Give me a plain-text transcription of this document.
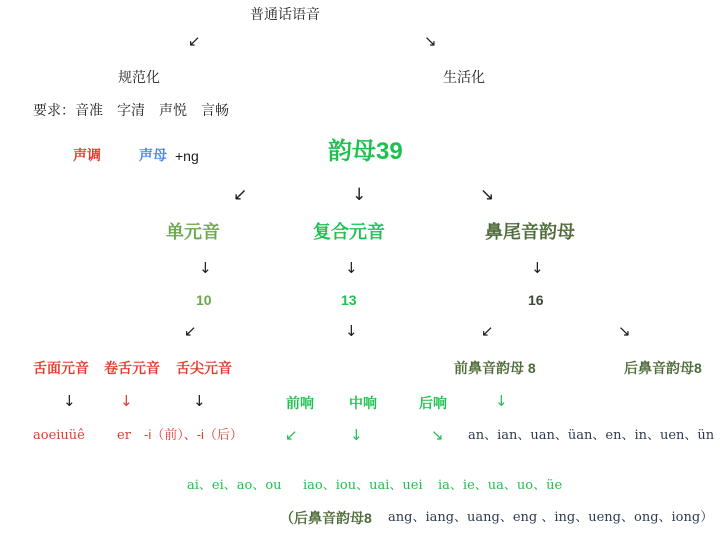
普通话语音
↙	↘
规范化	生活化
要求：音准　字清　声悦　言畅
声调	声母 +ng	韵母39
↙	↓	↘
单元音	复合元音	鼻尾音韵母
↓	↓	↓
10	13	16
↙	↓	↙	↘
舌面元音 卷舌元音 舌尖元音	前鼻音韵母 8	后鼻音韵母8
↓	↓	↓	前响	中响	后响	↓
aoeiuüê er -i（前）、-i（后）	↙	↓	↘ an、ian、uan、üan、en、in、uen、ün
ai、ei、ao、ou iao、iou、uai、uei ia、ie、ua、uo、üe
（后鼻音韵母8 ang、iang、uang、eng 、ing、ueng、ong、iong）
